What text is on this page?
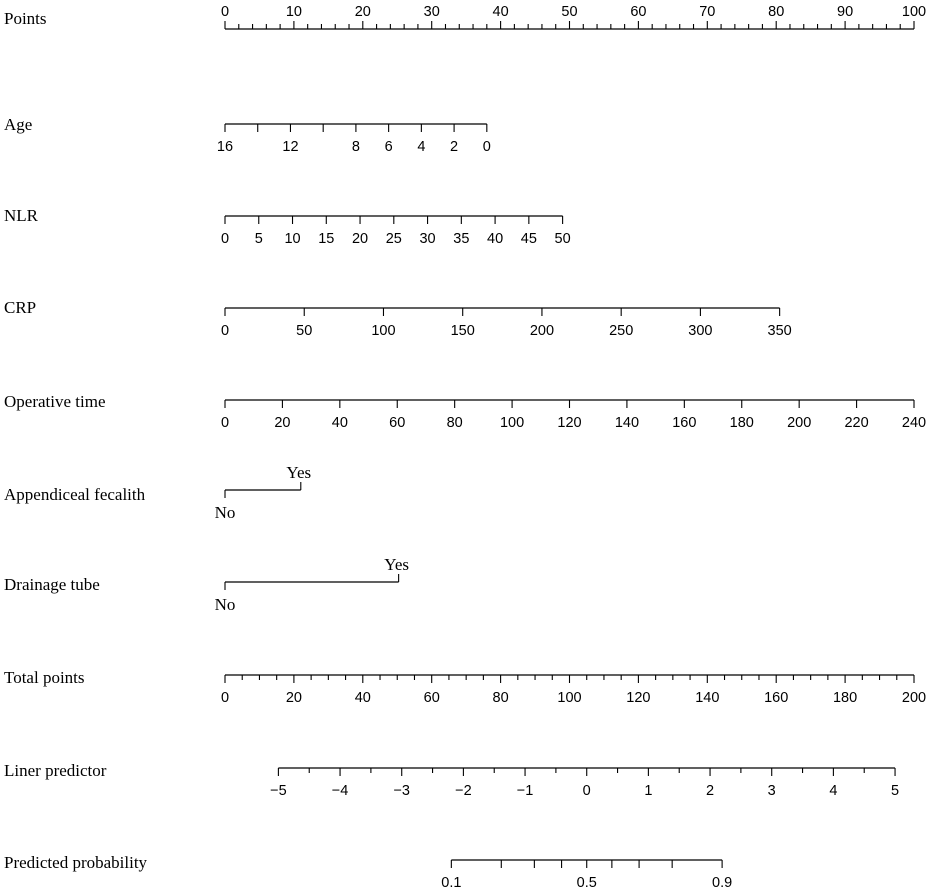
Points	0	10	20	30	40	50	60	70	80	90	100
Age
16	12	8 6 4 2 0
NLR
0 5 10 15 20 25 30 35 40 45 50
CRP
0	50	100	150	200	250	300	350
Operative time
0	20	40	60	80	100 120 140 160 180 200 220 240
Appendiceal fecalith
No
Yes
Drainage tube
No
Yes
Total points
0	20	40	60	80	100	120	140	160	180	200
Liner predictor
−5	−4	−3	−2	−1	0	1	2	3	4	5
Predicted probability
0.1	0.5	0.9
